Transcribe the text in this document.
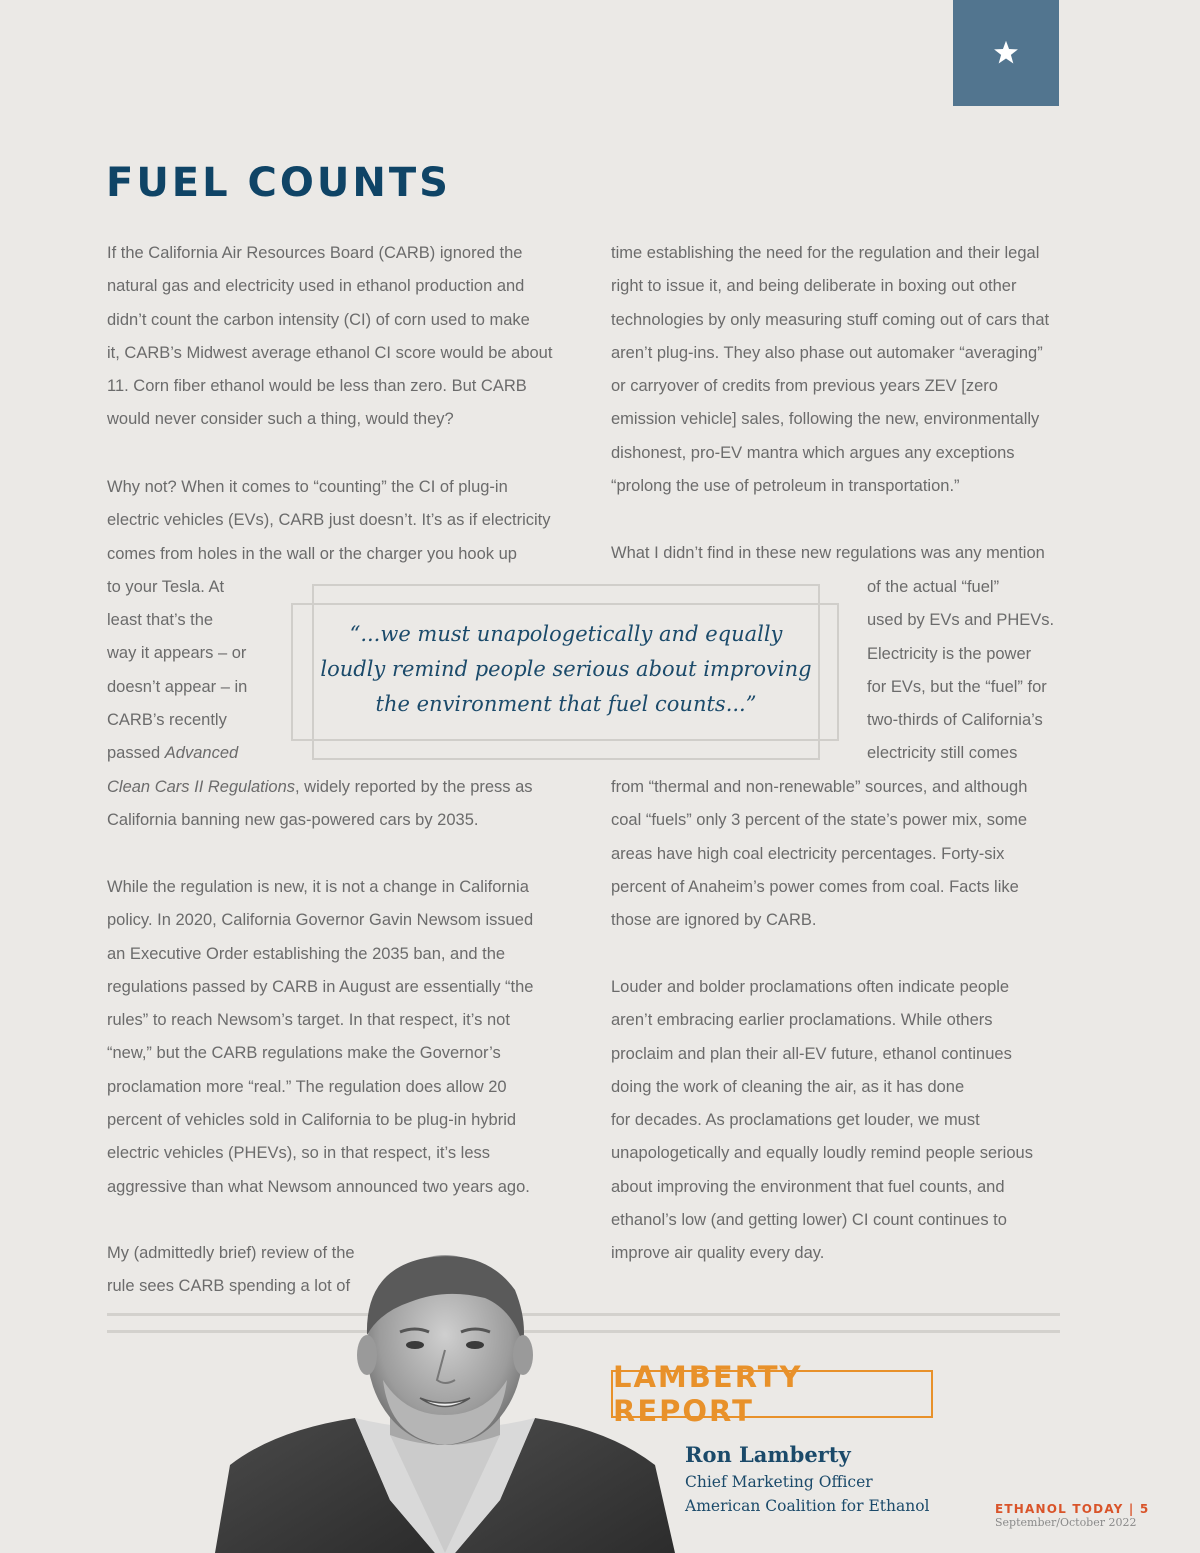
FUEL COUNTS
If the California Air Resources Board (CARB) ignored the
natural gas and electricity used in ethanol production and
didn’t count the carbon intensity (CI) of corn used to make
it, CARB’s Midwest average ethanol CI score would be about
11. Corn fiber ethanol would be less than zero. But CARB
would never consider such a thing, would they?
Why not? When it comes to “counting” the CI of plug-in
electric vehicles (EVs), CARB just doesn’t. It’s as if electricity
comes from holes in the wall or the charger you hook up
to your Tesla. At
least that’s the
way it appears – or
doesn’t appear – in
CARB’s recently
passed Advanced
Clean Cars II Regulations, widely reported by the press as
California banning new gas-powered cars by 2035.
While the regulation is new, it is not a change in California
policy. In 2020, California Governor Gavin Newsom issued
an Executive Order establishing the 2035 ban, and the
regulations passed by CARB in August are essentially “the
rules” to reach Newsom’s target. In that respect, it’s not
“new,” but the CARB regulations make the Governor’s
proclamation more “real.” The regulation does allow 20
percent of vehicles sold in California to be plug-in hybrid
electric vehicles (PHEVs), so in that respect, it’s less
aggressive than what Newsom announced two years ago.
My (admittedly brief) review of the
rule sees CARB spending a lot of
time establishing the need for the regulation and their legal
right to issue it, and being deliberate in boxing out other
technologies by only measuring stuff coming out of cars that
aren’t plug-ins. They also phase out automaker “averaging”
or carryover of credits from previous years ZEV [zero
emission vehicle] sales, following the new, environmentally
dishonest, pro-EV mantra which argues any exceptions
“prolong the use of petroleum in transportation.”
What I didn’t find in these new regulations was any mention
of the actual “fuel”
used by EVs and PHEVs.
Electricity is the power
for EVs, but the “fuel” for
two-thirds of California’s
electricity still comes
from “thermal and non-renewable” sources, and although
coal “fuels” only 3 percent of the state’s power mix, some
areas have high coal electricity percentages. Forty-six
percent of Anaheim’s power comes from coal. Facts like
those are ignored by CARB.
Louder and bolder proclamations often indicate people
aren’t embracing earlier proclamations. While others
proclaim and plan their all-EV future, ethanol continues
doing the work of cleaning the air, as it has done
for decades. As proclamations get louder, we must
unapologetically and equally loudly remind people serious
about improving the environment that fuel counts, and
ethanol’s low (and getting lower) CI count continues to
improve air quality every day.
“...we must unapologetically and equally
loudly remind people serious about improving
the environment that fuel counts...”
LAMBERTY REPORT
Ron Lamberty
Chief Marketing Officer
American Coalition for Ethanol	ETHANOL TODAY | 5
September/October 2022
